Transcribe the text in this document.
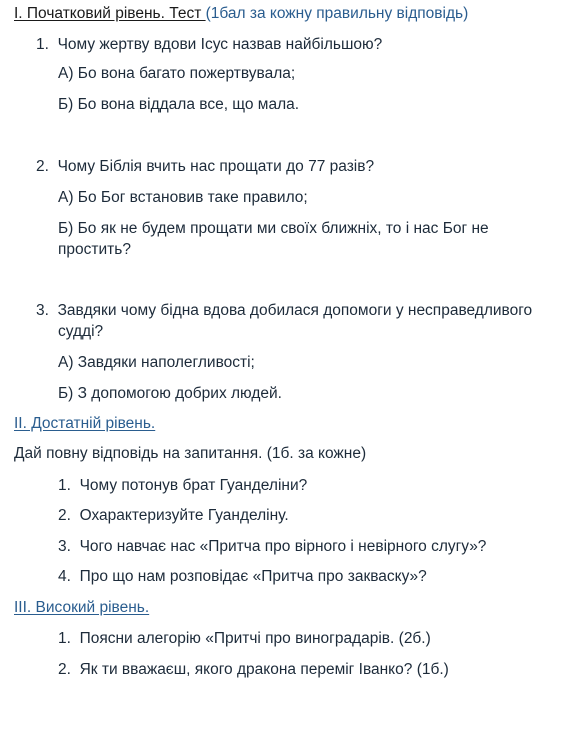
І. Початковий рівень. Тест (1бал за кожну правильну відповідь)
1. Чому жертву вдови Ісус назвав найбільшою?
А) Бо вона багато пожертвувала;
Б) Бо вона віддала все, що мала.
2. Чому Біблія вчить нас прощати до 77 разів?
А) Бо Бог встановив таке правило;
Б) Бо як не будем прощати ми своїх ближніх, то і нас Бог не
простить?
3. Завдяки чому бідна вдова добилася допомоги у несправедливого
судді?
А) Завдяки наполегливості;
Б) З допомогою добрих людей.
ІІ. Достатній рівень.
Дай повну відповідь на запитання. (1б. за кожне)
1. Чому потонув брат Гуанделіни?
2. Охарактеризуйте Гуанделіну.
3. Чого навчає нас «Притча про вірного і невірного слугу»?
4. Про що нам розповідає «Притча про закваску»?
ІІІ. Високий рівень.
1. Поясни алегорію «Притчі про виноградарів. (2б.)
2. Як ти вважаєш, якого дракона переміг Іванко? (1б.)
